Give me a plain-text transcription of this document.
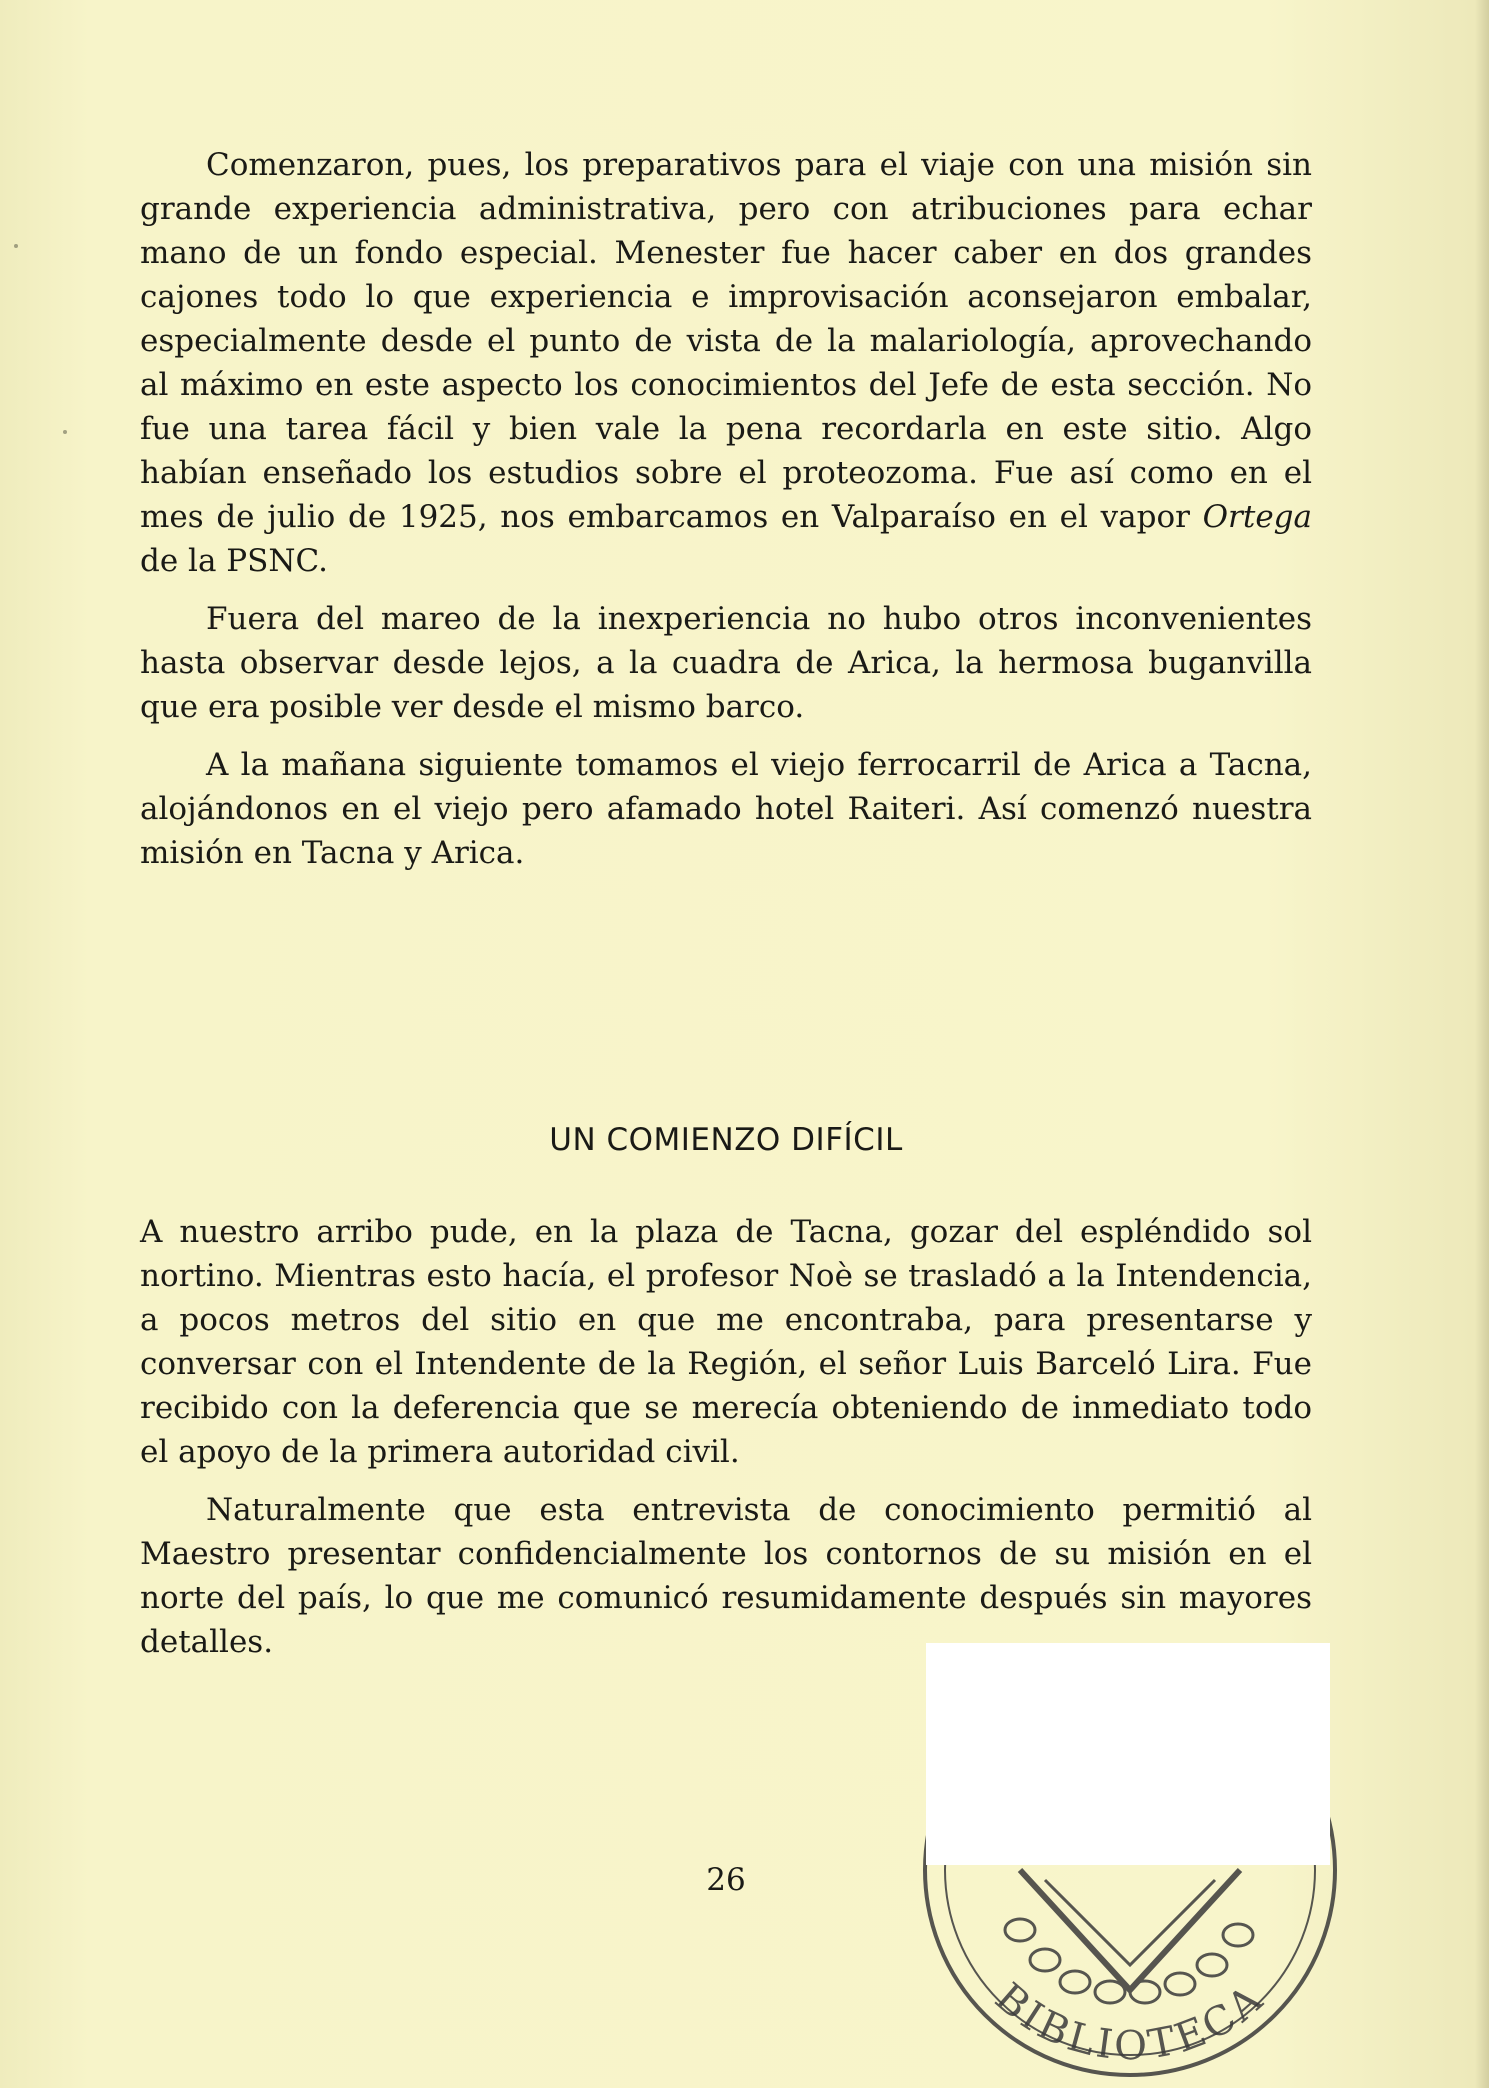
Comenzaron, pues, los preparativos para el viaje con una misión sin grande experiencia administrativa, pero con atribuciones para echar mano de un fondo especial. Menester fue hacer caber en dos grandes cajones todo lo que experiencia e improvisación aconsejaron embalar, especialmente desde el punto de vista de la malariología, aprovechando al máximo en este aspecto los conocimientos del Jefe de esta sección. No fue una tarea fácil y bien vale la pena recordarla en este sitio. Algo habían enseñado los estudios sobre el proteozoma. Fue así como en el mes de julio de 1925, nos embarcamos en Valparaíso en el vapor Ortega de la PSNC.

Fuera del mareo de la inexperiencia no hubo otros inconvenientes hasta observar desde lejos, a la cuadra de Arica, la hermosa buganvilla que era posible ver desde el mismo barco.

A la mañana siguiente tomamos el viejo ferrocarril de Arica a Tacna, alojándonos en el viejo pero afamado hotel Raiteri. Así comenzó nuestra misión en Tacna y Arica.

UN COMIENZO DIFÍCIL

A nuestro arribo pude, en la plaza de Tacna, gozar del espléndido sol nortino. Mientras esto hacía, el profesor Noè se trasladó a la Intendencia, a pocos metros del sitio en que me encontraba, para presentarse y conversar con el Intendente de la Región, el señor Luis Barceló Lira. Fue recibido con la deferencia que se merecía obteniendo de inmediato todo el apoyo de la primera autoridad civil.

Naturalmente que esta entrevista de conocimiento permitió al Maestro presentar confidencialmente los contornos de su misión en el norte del país, lo que me comunicó resumidamente después sin mayores detalles.

26
BIBLIOTECA
